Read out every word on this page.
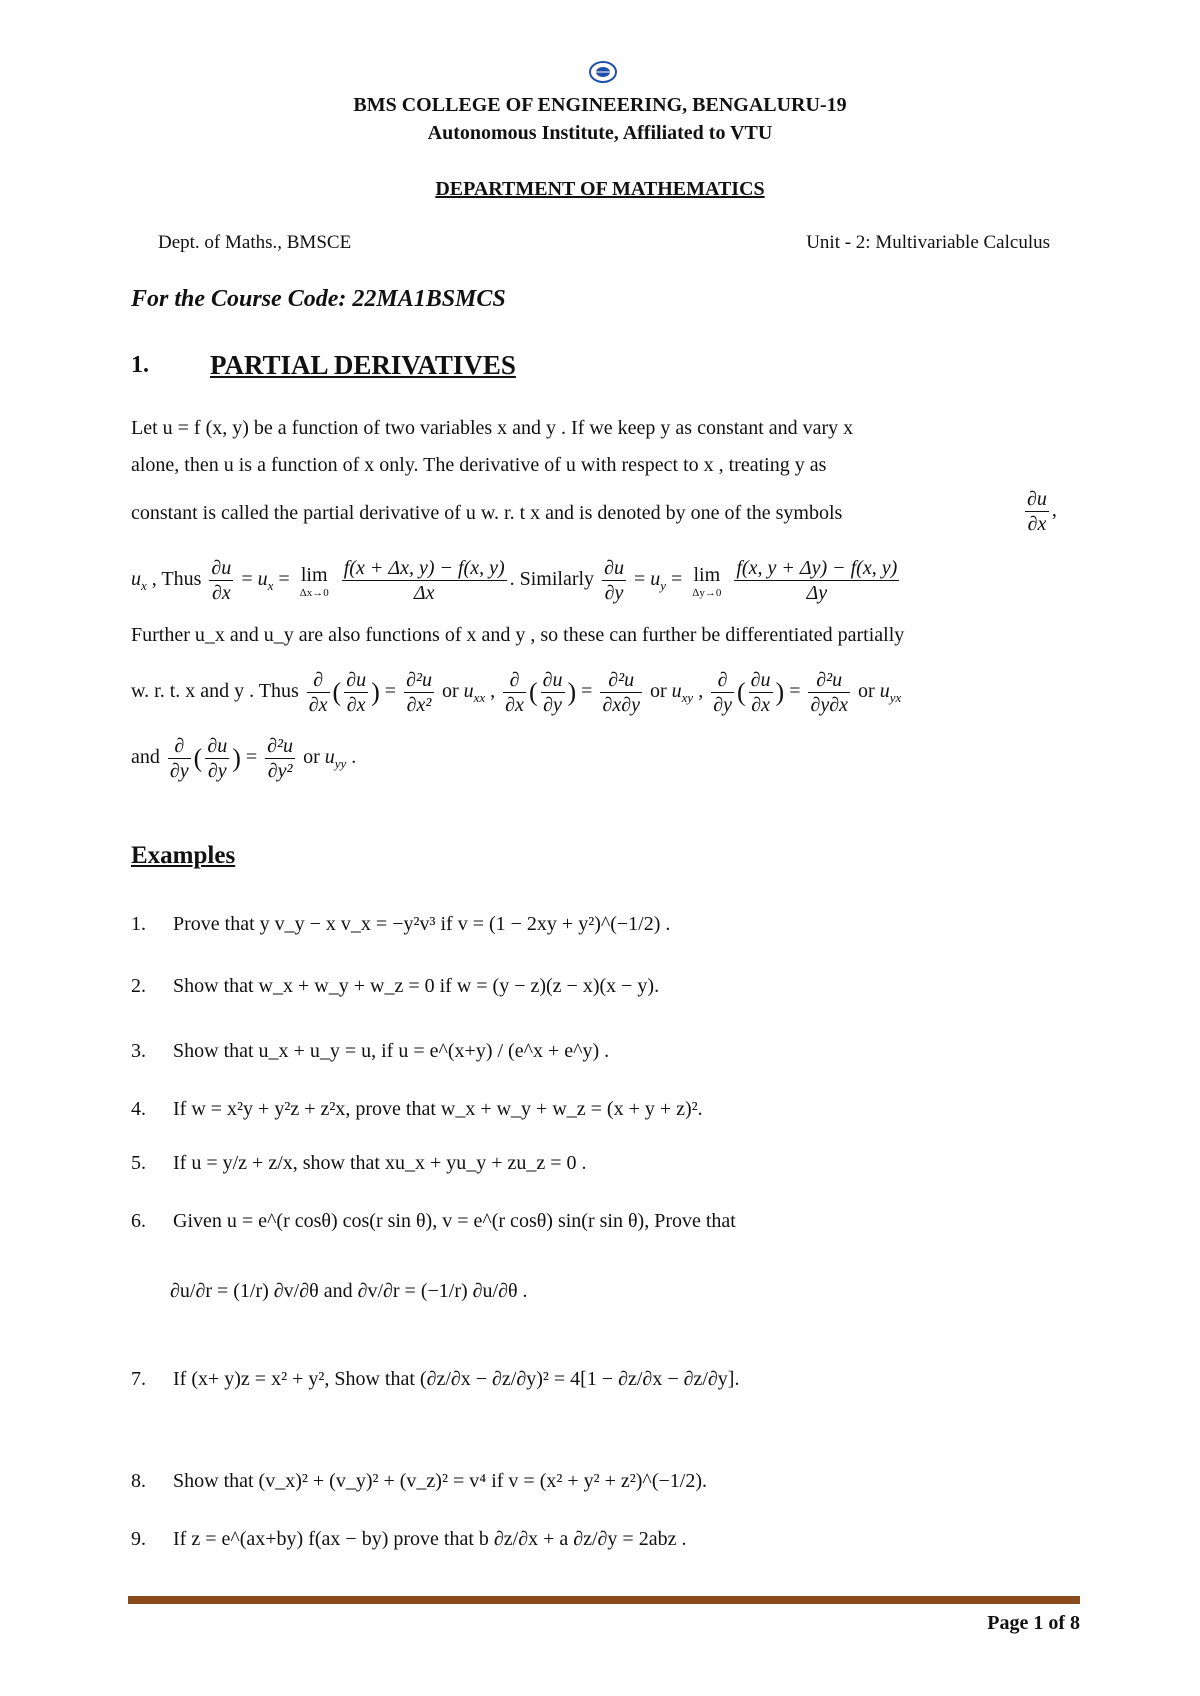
BMS COLLEGE OF ENGINEERING, BENGALURU-19
Autonomous Institute, Affiliated to VTU
DEPARTMENT OF MATHEMATICS
Dept. of Maths., BMSCE	Unit - 2: Multivariable Calculus
For the Course Code: 22MA1BSMCS
1. PARTIAL DERIVATIVES
Let u = f (x, y) be a function of two variables x and y . If we keep y as constant and vary x
alone, then u is a function of x only. The derivative of u with respect to x , treating y as
constant is called the partial derivative of u w. r. t x and is denoted by one of the symbols	$\frac{\partial u}{\partial x}$ ,
$u_x$ , Thus $\frac{\partial u}{\partial x} = u_x = \lim$
Δx→0
$\frac{f(x + \Delta x, y) - f(x, y)}{\Delta x}$ . Similarly $\frac{\partial u}{\partial y} = u_y = \lim$
Δy→0
$\frac{f(x, y + \Delta y) - f(x, y)}{\Delta y}$
Further u_x and u_y are also functions of x and y , so these can further be differentiated partially
w. r. t. x and y . Thus $\frac{\partial}{\partial x}$ ( $\frac{\partial u}{\partial x}$ ) = $\frac{\text{∂²u}}{\text{∂x²}}$ or $u_{xx}$ , $\frac{\partial}{\partial x}$ ( $\frac{\partial u}{\partial y}$ ) = $\frac{\text{∂²u}}{\partial x\partial y}$ or $u_{xy}$ , $\frac{\partial}{\partial y}$ ( $\frac{\partial u}{\partial x}$ ) = $\frac{\text{∂²u}}{\partial y\partial x}$ or $u_{yx}$
and $\frac{\partial}{\partial y}$ ( $\frac{\partial u}{\partial y}$ ) = $\frac{\text{∂²u}}{\text{∂y²}}$ or $u_{yy}$ .
Examples
1. Prove that y v_y − x v_x = −y²v³ if v = (1 − 2xy + y²)^(−1/2) .
2. Show that w_x + w_y + w_z = 0 if w = (y − z)(z − x)(x − y).
3. Show that u_x + u_y = u, if u = e^(x+y) / (e^x + e^y) .
4. If w = x²y + y²z + z²x, prove that w_x + w_y + w_z = (x + y + z)².
5. If u = y/z + z/x, show that xu_x + yu_y + zu_z = 0 .
6. Given u = e^(r cosθ) cos(r sin θ), v = e^(r cosθ) sin(r sin θ), Prove that
∂u/∂r = (1/r) ∂v/∂θ and ∂v/∂r = (−1/r) ∂u/∂θ .
7. If (x+ y)z = x² + y², Show that (∂z/∂x − ∂z/∂y)² = 4[1 − ∂z/∂x − ∂z/∂y].
8. Show that (v_x)² + (v_y)² + (v_z)² = v⁴ if v = (x² + y² + z²)^(−1/2).
9. If z = e^(ax+by) f(ax − by) prove that b ∂z/∂x + a ∂z/∂y = 2abz .
Page 1 of 8
